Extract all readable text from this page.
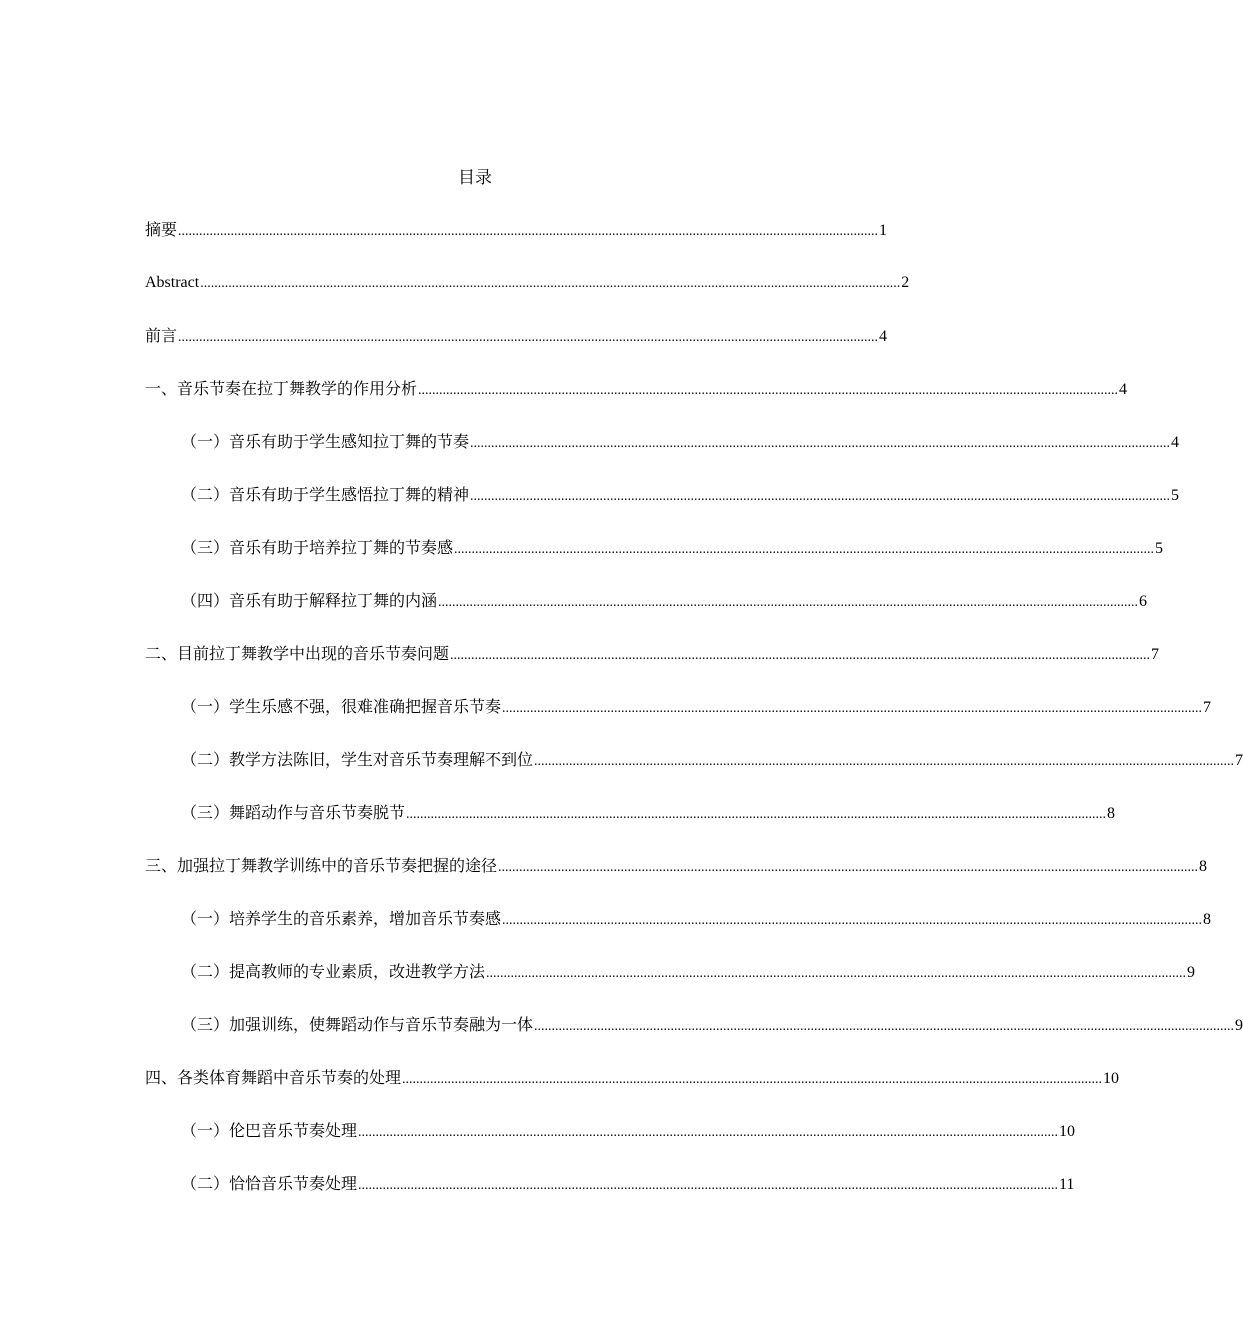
目录
摘要 ........................................................................................................................................................................................................ 1
Abstract ........................................................................................................................................................................................................ 2
前言 ........................................................................................................................................................................................................ 4
一、音乐节奏在拉丁舞教学的作用分析 ........................................................................................................................................................................................................ 4
（一）音乐有助于学生感知拉丁舞的节奏 ........................................................................................................................................................................................................ 4
（二）音乐有助于学生感悟拉丁舞的精神 ........................................................................................................................................................................................................ 5
（三）音乐有助于培养拉丁舞的节奏感 ........................................................................................................................................................................................................ 5
（四）音乐有助于解释拉丁舞的内涵 ........................................................................................................................................................................................................ 6
二、目前拉丁舞教学中出现的音乐节奏问题 ........................................................................................................................................................................................................ 7
（一）学生乐感不强，很难准确把握音乐节奏 ........................................................................................................................................................................................................ 7
（二）教学方法陈旧，学生对音乐节奏理解不到位 ........................................................................................................................................................................................................ 7
（三）舞蹈动作与音乐节奏脱节 ........................................................................................................................................................................................................ 8
三、加强拉丁舞教学训练中的音乐节奏把握的途径 ........................................................................................................................................................................................................ 8
（一）培养学生的音乐素养，增加音乐节奏感 ........................................................................................................................................................................................................ 8
（二）提高教师的专业素质，改进教学方法 ........................................................................................................................................................................................................ 9
（三）加强训练，使舞蹈动作与音乐节奏融为一体 ........................................................................................................................................................................................................ 9
四、各类体育舞蹈中音乐节奏的处理 ........................................................................................................................................................................................................ 10
（一）伦巴音乐节奏处理 ........................................................................................................................................................................................................ 10
（二）恰恰音乐节奏处理 ........................................................................................................................................................................................................ 11
